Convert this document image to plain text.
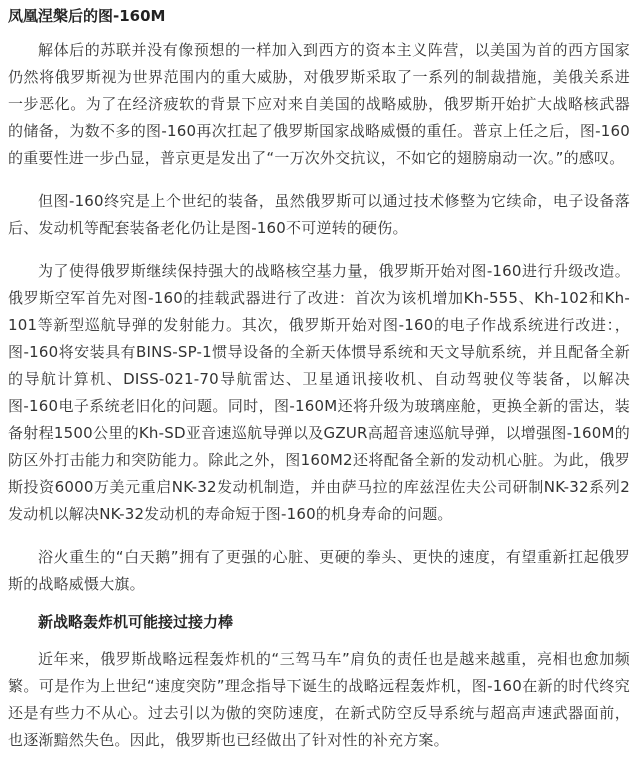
凤凰涅槃后的图-160M

解体后的苏联并没有像预想的一样加入到西方的资本主义阵营，以美国为首的西方国家仍然将俄罗斯视为世界范围内的重大威胁，对俄罗斯采取了一系列的制裁措施，美俄关系进一步恶化。为了在经济疲软的背景下应对来自美国的战略威胁，俄罗斯开始扩大战略核武器的储备，为数不多的图-160再次扛起了俄罗斯国家战略威慑的重任。普京上任之后，图-160的重要性进一步凸显，普京更是发出了“一万次外交抗议，不如它的翅膀扇动一次。”的感叹。

但图-160终究是上个世纪的装备，虽然俄罗斯可以通过技术修整为它续命，电子设备落后、发动机等配套装备老化仍让是图-160不可逆转的硬伤。

为了使得俄罗斯继续保持强大的战略核空基力量，俄罗斯开始对图-160进行升级改造。俄罗斯空军首先对图-160的挂载武器进行了改进：首次为该机增加Kh-555、Kh-102和Kh-101等新型巡航导弹的发射能力。其次，俄罗斯开始对图-160的电子作战系统进行改进：，图-160将安装具有BINS-SP-1惯导设备的全新天体惯导系统和天文导航系统，并且配备全新的导航计算机、DISS-021-70导航雷达、卫星通讯接收机、自动驾驶仪等装备，以解决图-160电子系统老旧化的问题。同时，图-160M还将升级为玻璃座舱，更换全新的雷达，装备射程1500公里的Kh-SD亚音速巡航导弹以及GZUR高超音速巡航导弹，以增强图-160M的防区外打击能力和突防能力。除此之外，图160M2还将配备全新的发动机心脏。为此，俄罗斯投资6000万美元重启NK-32发动机制造，并由萨马拉的库兹涅佐夫公司研制NK-32系列2发动机以解决NK-32发动机的寿命短于图-160的机身寿命的问题。

浴火重生的“白天鹅”拥有了更强的心脏、更硬的拳头、更快的速度，有望重新扛起俄罗斯的战略威慑大旗。

新战略轰炸机可能接过接力棒

近年来，俄罗斯战略远程轰炸机的“三驾马车”肩负的责任也是越来越重，亮相也愈加频繁。可是作为上世纪“速度突防”理念指导下诞生的战略远程轰炸机，图-160在新的时代终究还是有些力不从心。过去引以为傲的突防速度，在新式防空反导系统与超高声速武器面前，也逐渐黯然失色。因此，俄罗斯也已经做出了针对性的补充方案。
